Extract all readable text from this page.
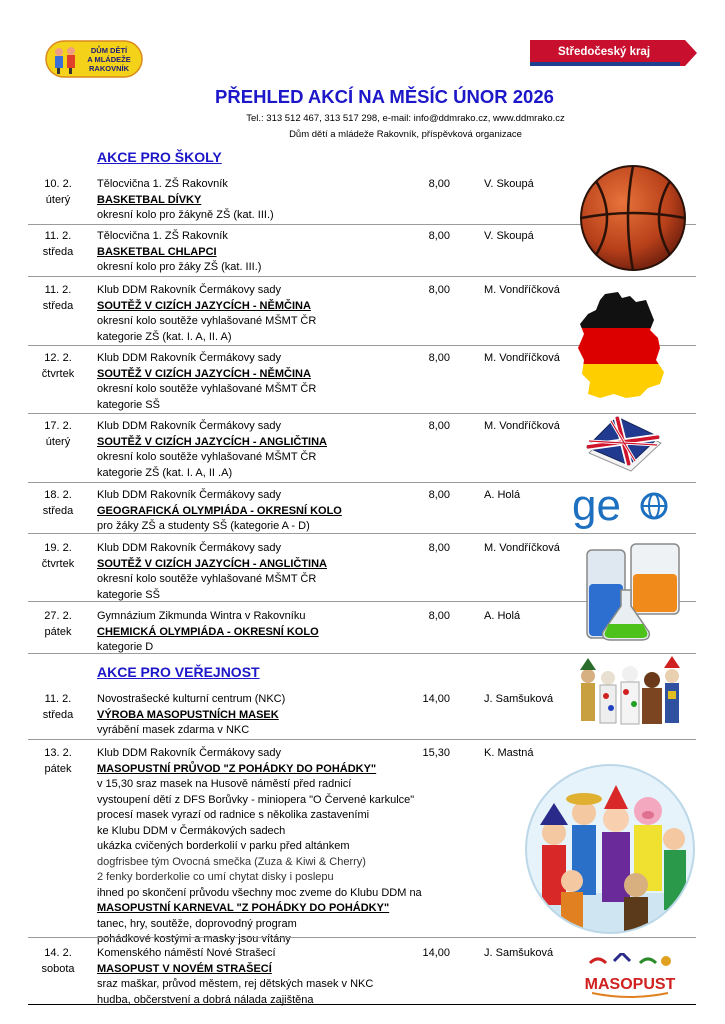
DŮM DĚTÍ
A MLÁDEŽE
RAKOVNÍK
Středočeský kraj
PŘEHLED AKCÍ NA MĚSÍC ÚNOR 2026
Tel.: 313 512 467, 313 517 298, e-mail: info@ddmrako.cz, www.ddmrako.cz
Dům dětí a mládeže Rakovník, příspěvková organizace
AKCE PRO ŠKOLY
AKCE PRO VEŘEJNOST
10. 2.
úterý
Tělocvična 1. ZŠ Rakovník
BASKETBAL DÍVKY
okresní kolo pro žákyně ZŠ (kat. III.)
8,00	V. Skoupá
11. 2.
středa
Tělocvična 1. ZŠ Rakovník
BASKETBAL CHLAPCI
okresní kolo pro žáky ZŠ (kat. III.)
8,00	V. Skoupá
11. 2.
středa
Klub DDM Rakovník Čermákovy sady
SOUTĚŽ V CIZÍCH JAZYCÍCH - NĚMČINA
okresní kolo soutěže vyhlašované MŠMT ČR
kategorie ZŠ (kat. I. A, II. A)
8,00	M. Vondříčková
12. 2.
čtvrtek
Klub DDM Rakovník Čermákovy sady
SOUTĚŽ V CIZÍCH JAZYCÍCH - NĚMČINA
okresní kolo soutěže vyhlašované MŠMT ČR
kategorie SŠ
8,00	M. Vondříčková
17. 2.
úterý
Klub DDM Rakovník Čermákovy sady
SOUTĚŽ V CIZÍCH JAZYCÍCH - ANGLIČTINA
okresní kolo soutěže vyhlašované MŠMT ČR
kategorie ZŠ (kat. I. A, II .A)
8,00	M. Vondříčková
18. 2.
středa
Klub DDM Rakovník Čermákovy sady
GEOGRAFICKÁ OLYMPIÁDA - OKRESNÍ KOLO
pro žáky ZŠ a studenty SŠ (kategorie A - D)
8,00	A. Holá
19. 2.
čtvrtek
Klub DDM Rakovník Čermákovy sady
SOUTĚŽ V CIZÍCH JAZYCÍCH - ANGLIČTINA
okresní kolo soutěže vyhlašované MŠMT ČR
kategorie SŠ
8,00	M. Vondříčková
27. 2.
pátek
Gymnázium Zikmunda Wintra v Rakovníku
CHEMICKÁ OLYMPIÁDA - OKRESNÍ KOLO
kategorie D
8,00	A. Holá
11. 2.
středa
Novostrašecké kulturní centrum (NKC)
VÝROBA MASOPUSTNÍCH MASEK
vyrábění masek zdarma v NKC
14,00	J. Samšuková
13. 2.
pátek
Klub DDM Rakovník Čermákovy sady
MASOPUSTNÍ PRŮVOD "Z POHÁDKY DO POHÁDKY"
v 15,30 sraz masek na Husově náměstí před radnicí
vystoupení dětí z DFS Borůvky - miniopera "O Červené karkulce"
procesí masek vyrazí od radnice s několika zastaveními
ke Klubu DDM v Čermákových sadech
ukázka cvičených borderkolií v parku před altánkem
dogfrisbee tým Ovocná smečka (Zuza & Kiwi & Cherry)
2 fenky borderkolie co umí chytat disky i poslepu
ihned po skončení průvodu všechny moc zveme do Klubu DDM na
MASOPUSTNÍ KARNEVAL "Z POHÁDKY DO POHÁDKY"
tanec, hry, soutěže, doprovodný program
pohádkové kostými a masky jsou vítány
15,30	K. Mastná
14. 2.
sobota
Komenského náměstí Nové Strašecí
MASOPUST V NOVÉM STRAŠECÍ
sraz maškar, průvod městem, rej dětských masek v NKC
hudba, občerstvení a dobrá nálada zajištěna
14,00	J. Samšuková
ge
MASOPUST
